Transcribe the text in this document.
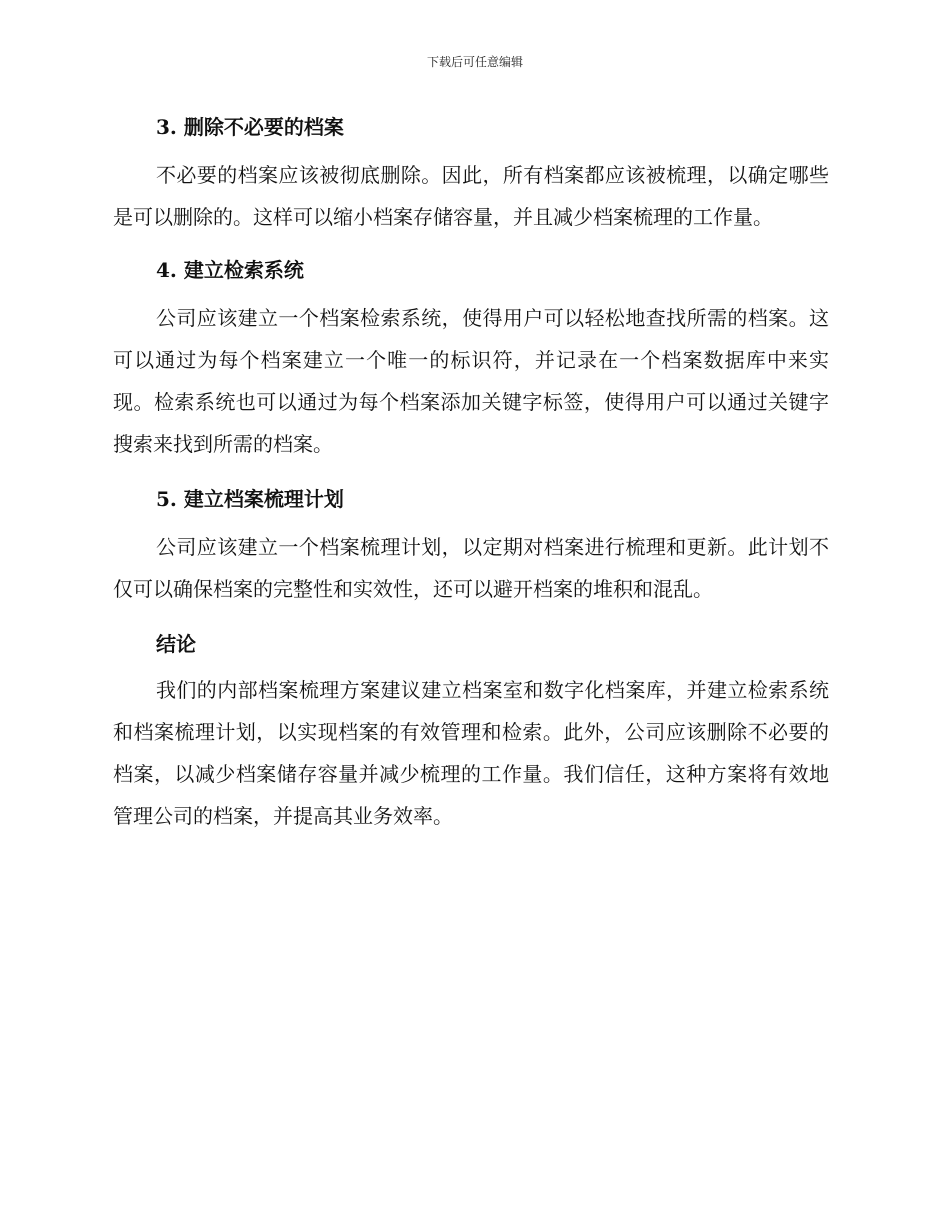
下载后可任意编辑
3. 删除不必要的档案

不必要的档案应该被彻底删除。因此，所有档案都应该被梳理，以确定哪些是可以删除的。这样可以缩小档案存储容量，并且减少档案梳理的工作量。

4. 建立检索系统

公司应该建立一个档案检索系统，使得用户可以轻松地查找所需的档案。这可以通过为每个档案建立一个唯一的标识符，并记录在一个档案数据库中来实现。检索系统也可以通过为每个档案添加关键字标签，使得用户可以通过关键字搜索来找到所需的档案。

5. 建立档案梳理计划

公司应该建立一个档案梳理计划，以定期对档案进行梳理和更新。此计划不仅可以确保档案的完整性和实效性，还可以避开档案的堆积和混乱。

结论

我们的内部档案梳理方案建议建立档案室和数字化档案库，并建立检索系统和档案梳理计划，以实现档案的有效管理和检索。此外，公司应该删除不必要的档案，以减少档案储存容量并减少梳理的工作量。我们信任，这种方案将有效地管理公司的档案，并提高其业务效率。
